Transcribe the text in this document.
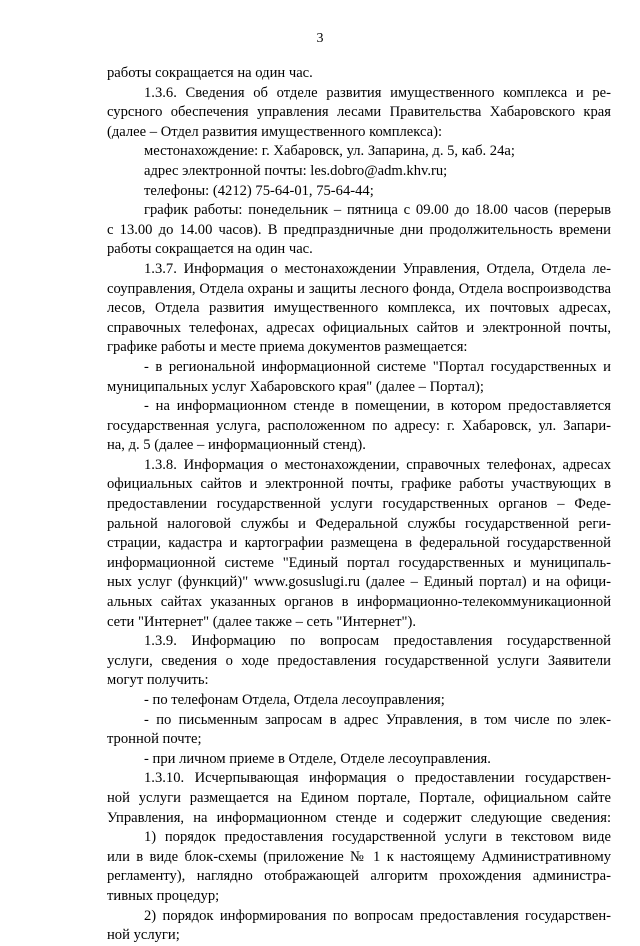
3
работы сокращается на один час.
1.3.6. Сведения об отделе развития имущественного комплекса и ре-
сурсного обеспечения управления лесами Правительства Хабаровского края
(далее – Отдел развития имущественного комплекса):
местонахождение: г. Хабаровск, ул. Запарина, д. 5, каб. 24а;
адрес электронной почты: les.dobro@adm.khv.ru;
телефоны: (4212) 75-64-01, 75-64-44;
график работы: понедельник – пятница с 09.00 до 18.00 часов (перерыв
с 13.00 до 14.00 часов). В предпраздничные дни продолжительность времени
работы сокращается на один час.
1.3.7. Информация о местонахождении Управления, Отдела, Отдела ле-
соуправления, Отдела охраны и защиты лесного фонда, Отдела воспроизводства
лесов, Отдела развития имущественного комплекса, их почтовых адресах,
справочных телефонах, адресах официальных сайтов и электронной почты,
графике работы и месте приема документов размещается:
- в региональной информационной системе "Портал государственных и
муниципальных услуг Хабаровского края" (далее – Портал);
- на информационном стенде в помещении, в котором предоставляется
государственная услуга, расположенном по адресу: г. Хабаровск, ул. Запари-
на, д. 5 (далее – информационный стенд).
1.3.8. Информация о местонахождении, справочных телефонах, адресах
официальных сайтов и электронной почты, графике работы участвующих в
предоставлении государственной услуги государственных органов – Феде-
ральной налоговой службы и Федеральной службы государственной реги-
страции, кадастра и картографии размещена в федеральной государственной
информационной системе "Единый портал государственных и муниципаль-
ных услуг (функций)" www.gosuslugi.ru (далее – Единый портал) и на офици-
альных сайтах указанных органов в информационно-телекоммуникационной
сети "Интернет" (далее также – сеть "Интернет").
1.3.9. Информацию по вопросам предоставления государственной
услуги, сведения о ходе предоставления государственной услуги Заявители
могут получить:
- по телефонам Отдела, Отдела лесоуправления;
- по письменным запросам в адрес Управления, в том числе по элек-
тронной почте;
- при личном приеме в Отделе, Отделе лесоуправления.
1.3.10. Исчерпывающая информация о предоставлении государствен-
ной услуги размещается на Едином портале, Портале, официальном сайте
Управления, на информационном стенде и содержит следующие сведения:
1) порядок предоставления государственной услуги в текстовом виде
или в виде блок-схемы (приложение № 1 к настоящему Административному
регламенту), наглядно отображающей алгоритм прохождения администра-
тивных процедур;
2) порядок информирования по вопросам предоставления государствен-
ной услуги;
